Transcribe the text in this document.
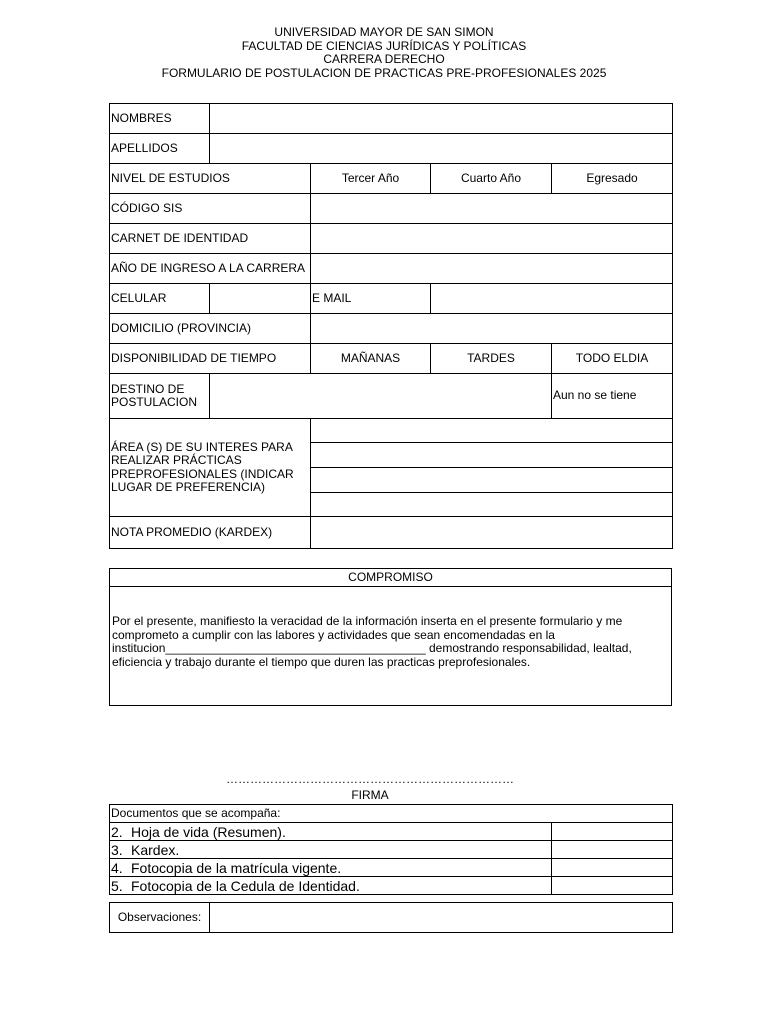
UNIVERSIDAD MAYOR DE SAN SIMON
FACULTAD DE CIENCIAS JURÍDICAS Y POLÍTICAS
CARRERA DERECHO
FORMULARIO DE POSTULACION DE PRACTICAS PRE-PROFESIONALES 2025
NOMBRES				
APELLIDOS				
NIVEL DE ESTUDIOS		Tercer Año	Cuarto Año	Egresado
CÓDIGO SIS				
CARNET DE IDENTIDAD				
AÑO DE INGRESO A LA CARRERA				
CELULAR		E MAIL		
DOMICILIO (PROVINCIA)				
DISPONIBILIDAD DE TIEMPO		MAÑANAS	TARDES	TODO ELDIA
DESTINO DE POSTULACION				Aun no se tiene
ÁREA (S) DE SU INTERES PARA REALIZAR PRÁCTICAS PREPROFESIONALES (INDICAR LUGAR DE PREFERENCIA)				

NOTA PROMEDIO (KARDEX)				
COMPROMISO
Por el presente, manifiesto la veracidad de la información inserta en el presente formulario y me comprometo a cumplir con las labores y actividades que sean encomendadas en la institucion_______________________________________ demostrando responsabilidad, lealtad, eficiencia y trabajo durante el tiempo que duren las practicas preprofesionales.
………………………………………………………………
FIRMA
Documentos que se acompaña:	
2. Hoja de vida (Resumen).	
3. Kardex.	
4. Fotocopia de la matrícula vigente.	
5. Fotocopia de la Cedula de Identidad.	
Observaciones:	
